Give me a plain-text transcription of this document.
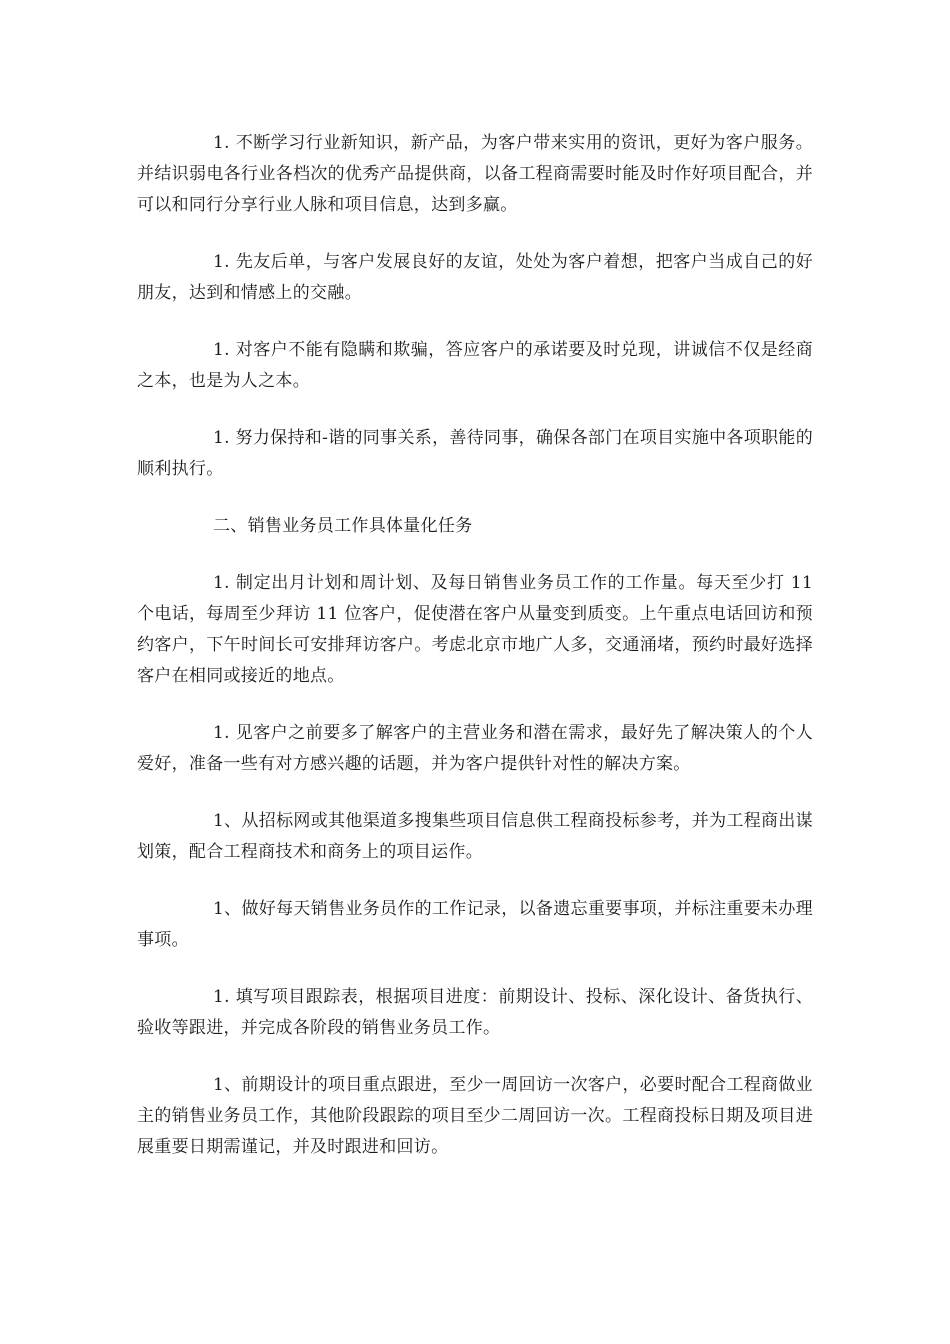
1. 不断学习行业新知识，新产品，为客户带来实用的资讯，更好为客户服务。并结识弱电各行业各档次的优秀产品提供商，以备工程商需要时能及时作好项目配合，并可以和同行分享行业人脉和项目信息，达到多赢。

1. 先友后单，与客户发展良好的友谊，处处为客户着想，把客户当成自己的好朋友，达到和情感上的交融。

1. 对客户不能有隐瞒和欺骗，答应客户的承诺要及时兑现，讲诚信不仅是经商之本，也是为人之本。

1. 努力保持和-谐的同事关系，善待同事，确保各部门在项目实施中各项职能的顺利执行。

二、销售业务员工作具体量化任务

1. 制定出月计划和周计划、及每日销售业务员工作的工作量。每天至少打 11 个电话，每周至少拜访 11 位客户，促使潜在客户从量变到质变。上午重点电话回访和预约客户，下午时间长可安排拜访客户。考虑北京市地广人多，交通涌堵，预约时最好选择客户在相同或接近的地点。

1. 见客户之前要多了解客户的主营业务和潜在需求，最好先了解决策人的个人爱好，准备一些有对方感兴趣的话题，并为客户提供针对性的解决方案。

1、从招标网或其他渠道多搜集些项目信息供工程商投标参考，并为工程商出谋划策，配合工程商技术和商务上的项目运作。

1、做好每天销售业务员作的工作记录，以备遗忘重要事项，并标注重要未办理事项。

1. 填写项目跟踪表，根据项目进度：前期设计、投标、深化设计、备货执行、验收等跟进，并完成各阶段的销售业务员工作。

1、前期设计的项目重点跟进，至少一周回访一次客户，必要时配合工程商做业主的销售业务员工作，其他阶段跟踪的项目至少二周回访一次。工程商投标日期及项目进展重要日期需谨记，并及时跟进和回访。
